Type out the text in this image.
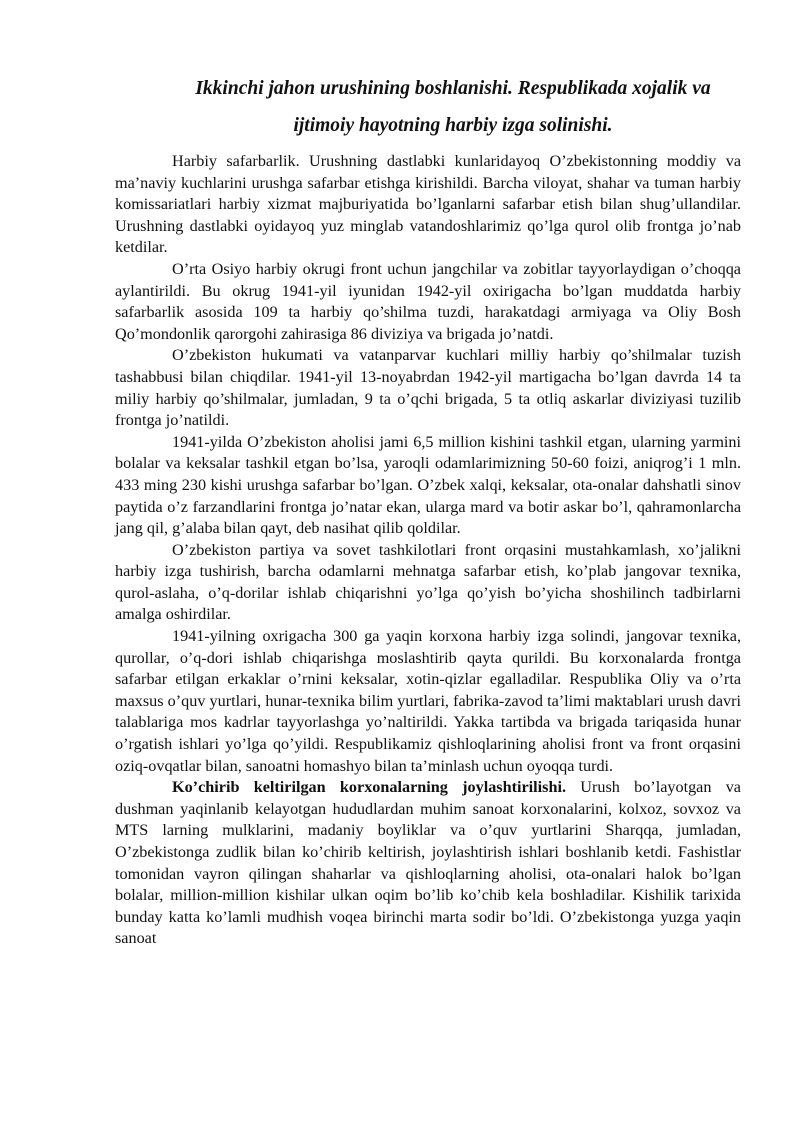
Ikkinchi jahon urushining boshlanishi. Respublikada xojalik va
ijtimoiy hayotning harbiy izga solinishi.

Harbiy safarbarlik. Urushning dastlabki kunlaridayoq O’zbekistonning moddiy va ma’naviy kuchlarini urushga safarbar etishga kirishildi. Barcha viloyat, shahar va tuman harbiy komissariatlari harbiy xizmat majburiyatida bo’lganlarni safarbar etish bilan shug’ullandilar. Urushning dastlabki oyidayoq yuz minglab vatandoshlarimiz qo’lga qurol olib frontga jo’nab ketdilar.

O’rta Osiyo harbiy okrugi front uchun jangchilar va zobitlar tayyorlaydigan o’choqqa aylantirildi. Bu okrug 1941-yil iyunidan 1942-yil oxirigacha bo’lgan muddatda harbiy safarbarlik asosida 109 ta harbiy qo’shilma tuzdi, harakatdagi armiyaga va Oliy Bosh Qo’mondonlik qarorgohi zahirasiga 86 diviziya va brigada jo’natdi.

O’zbekiston hukumati va vatanparvar kuchlari milliy harbiy qo’shilmalar tuzish tashabbusi bilan chiqdilar. 1941-yil 13-noyabrdan 1942-yil martigacha bo’lgan davrda 14 ta miliy harbiy qo’shilmalar, jumladan, 9 ta o’qchi brigada, 5 ta otliq askarlar diviziyasi tuzilib frontga jo’natildi.

1941-yilda O’zbekiston aholisi jami 6,5 million kishini tashkil etgan, ularning yarmini bolalar va keksalar tashkil etgan bo’lsa, yaroqli odamlarimizning 50-60 foizi, aniqrog’i 1 mln. 433 ming 230 kishi urushga safarbar bo’lgan. O’zbek xalqi, keksalar, ota-onalar dahshatli sinov paytida o’z farzandlarini frontga jo’natar ekan, ularga mard va botir askar bo’l, qahramonlarcha jang qil, g’alaba bilan qayt, deb nasihat qilib qoldilar.

O’zbekiston partiya va sovet tashkilotlari front orqasini mustahkamlash, xo’jalikni harbiy izga tushirish, barcha odamlarni mehnatga safarbar etish, ko’plab jangovar texnika, qurol-aslaha, o’q-dorilar ishlab chiqarishni yo’lga qo’yish bo’yicha shoshilinch tadbirlarni amalga oshirdilar.

1941-yilning oxrigacha 300 ga yaqin korxona harbiy izga solindi, jangovar texnika, qurollar, o’q-dori ishlab chiqarishga moslashtirib qayta qurildi. Bu korxonalarda frontga safarbar etilgan erkaklar o’rnini keksalar, xotin-qizlar egalladilar. Respublika Oliy va o’rta maxsus o’quv yurtlari, hunar-texnika bilim yurtlari, fabrika-zavod ta’limi maktablari urush davri talablariga mos kadrlar tayyorlashga yo’naltirildi. Yakka tartibda va brigada tariqasida hunar o’rgatish ishlari yo’lga qo’yildi. Respublikamiz qishloqlarining aholisi front va front orqasini oziq-ovqatlar bilan, sanoatni homashyo bilan ta’minlash uchun oyoqqa turdi.

Ko’chirib keltirilgan korxonalarning joylashtirilishi. Urush bo’layotgan va dushman yaqinlanib kelayotgan hududlardan muhim sanoat korxonalarini, kolxoz, sovxoz va MTS larning mulklarini, madaniy boyliklar va o’quv yurtlarini Sharqqa, jumladan, O’zbekistonga zudlik bilan ko’chirib keltirish, joylashtirish ishlari boshlanib ketdi. Fashistlar tomonidan vayron qilingan shaharlar va qishloqlarning aholisi, ota-onalari halok bo’lgan bolalar, million-million kishilar ulkan oqim bo’lib ko’chib kela boshladilar. Kishilik tarixida bunday katta ko’lamli mudhish voqea birinchi marta sodir bo’ldi. O’zbekistonga yuzga yaqin sanoat
